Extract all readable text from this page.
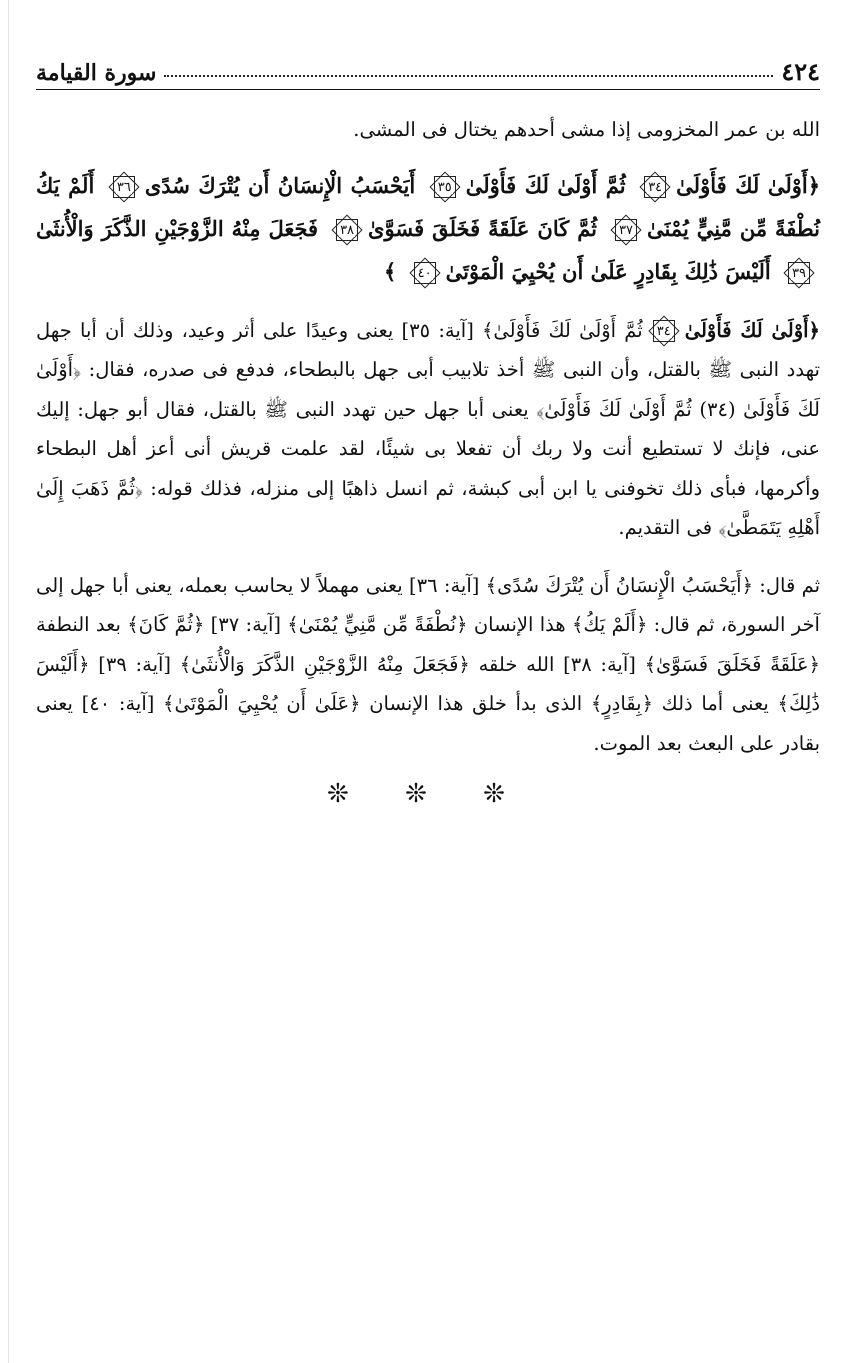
٤٢٤
سورة القيامة

الله بن عمر المخزومى إذا مشى أحدهم يختال فى المشى.

﴿أَوْلَىٰ لَكَ فَأَوْلَىٰ
٣٤
ثُمَّ أَوْلَىٰ لَكَ فَأَوْلَىٰ
٣٥
أَيَحْسَبُ الْإِنسَانُ أَن يُتْرَكَ سُدًى
٣٦
أَلَمْ يَكُ نُطْفَةً مِّن مَّنِيٍّ يُمْنَىٰ
٣٧
ثُمَّ كَانَ عَلَقَةً فَخَلَقَ فَسَوَّىٰ
٣٨
فَجَعَلَ مِنْهُ الزَّوْجَيْنِ الذَّكَرَ وَالْأُنثَىٰ
٣٩
أَلَيْسَ ذَٰلِكَ بِقَادِرٍ عَلَىٰ أَن يُحْيِيَ الْمَوْتَىٰ
٤٠
﴾

﴿أَوْلَىٰ لَكَ فَأَوْلَىٰ
٣٤
ثُمَّ أَوْلَىٰ لَكَ فَأَوْلَىٰ﴾ [آية: ٣٥] يعنى وعيدًا على أثر وعيد، وذلك أن أبا جهل تهدد النبى ﷺ بالقتل، وأن النبى ﷺ أخذ تلابيب أبى جهل بالبطحاء، فدفع فى صدره، فقال: ﴿أَوْلَىٰ لَكَ فَأَوْلَىٰ (٣٤) ثُمَّ أَوْلَىٰ لَكَ فَأَوْلَىٰ﴾ يعنى أبا جهل حين تهدد النبى ﷺ بالقتل، فقال أبو جهل: إليك عنى، فإنك لا تستطيع أنت ولا ربك أن تفعلا بى شيئًا، لقد علمت قريش أنى أعز أهل البطحاء وأكرمها، فبأى ذلك تخوفنى يا ابن أبى كبشة، ثم انسل ذاهبًا إلى منزله، فذلك قوله: ﴿ثُمَّ ذَهَبَ إِلَىٰ أَهْلِهِ يَتَمَطَّىٰ﴾ فى التقديم.

ثم قال: ﴿أَيَحْسَبُ الْإِنسَانُ أَن يُتْرَكَ سُدًى﴾ [آية: ٣٦] يعنى مهملاً لا يحاسب بعمله، يعنى أبا جهل إلى آخر السورة، ثم قال: ﴿أَلَمْ يَكُ﴾ هذا الإنسان ﴿نُطْفَةً مِّن مَّنِيٍّ يُمْنَىٰ﴾ [آية: ٣٧] ﴿ثُمَّ كَانَ﴾ بعد النطفة ﴿عَلَقَةً فَخَلَقَ فَسَوَّىٰ﴾ [آية: ٣٨] الله خلقه ﴿فَجَعَلَ مِنْهُ الزَّوْجَيْنِ الذَّكَرَ وَالْأُنثَىٰ﴾ [آية: ٣٩] ﴿أَلَيْسَ ذَٰلِكَ﴾ يعنى أما ذلك ﴿بِقَادِرٍ﴾ الذى بدأ خلق هذا الإنسان ﴿عَلَىٰ أَن يُحْيِيَ الْمَوْتَىٰ﴾ [آية: ٤٠] يعنى بقادر على البعث بعد الموت.

❊ ❊ ❊
